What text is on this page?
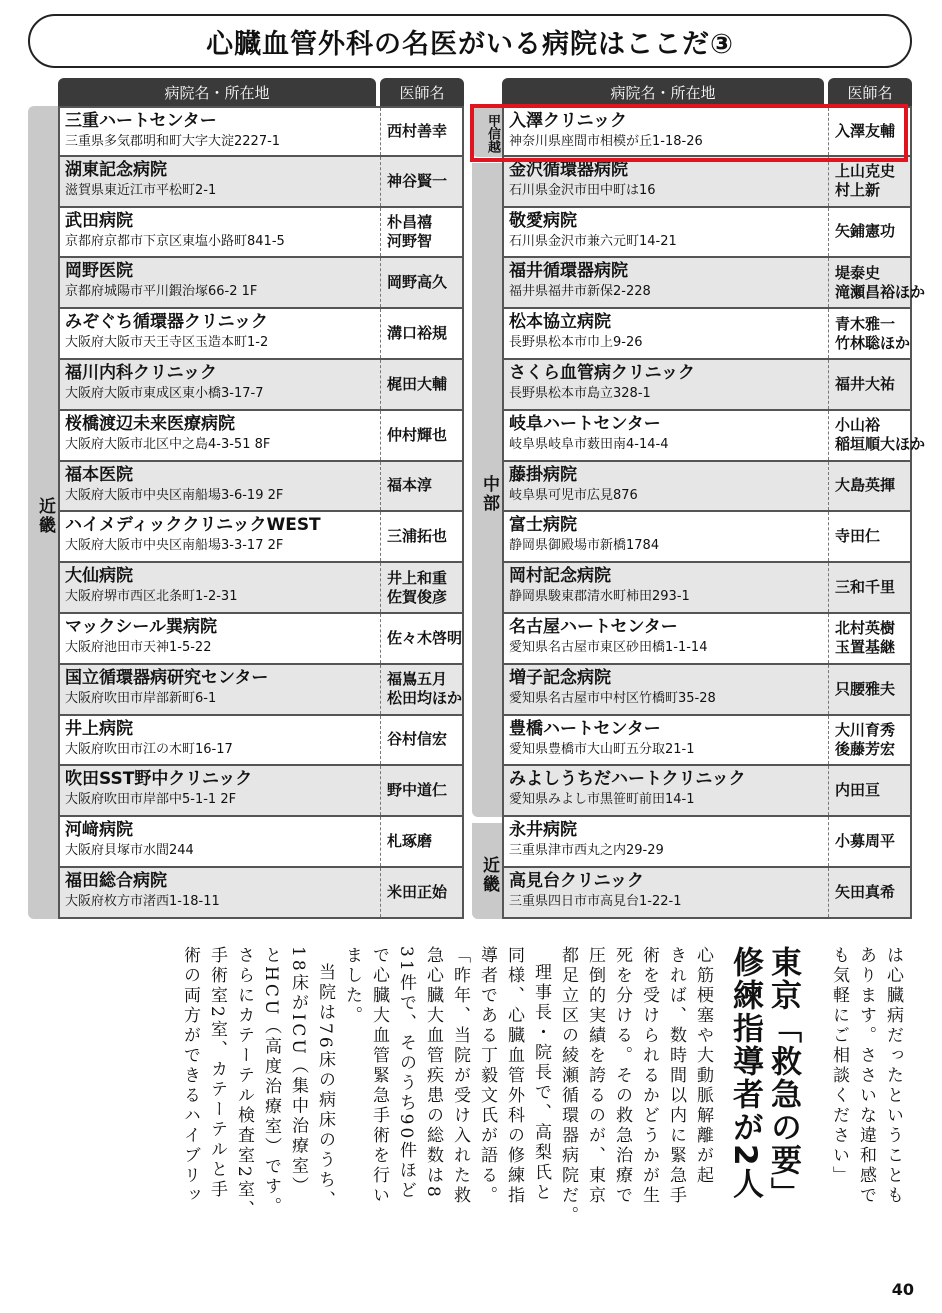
心臓血管外科の名医がいる病院はここだ③
病院名・所在地	医師名
近畿
三重ハートセンター
三重県多気郡明和町大字大淀2227-1
西村善幸
湖東記念病院
滋賀県東近江市平松町2-1
神谷賢一
武田病院
京都府京都市下京区東塩小路町841-5
朴昌禧
河野智
岡野医院
京都府城陽市平川鍜治塚66-2 1F
岡野高久
みぞぐち循環器クリニック
大阪府大阪市天王寺区玉造本町1-2
溝口裕規
福川内科クリニック
大阪府大阪市東成区東小橋3-17-7
梶田大輔
桜橋渡辺未来医療病院
大阪府大阪市北区中之島4-3-51 8F
仲村輝也
福本医院
大阪府大阪市中央区南船場3-6-19 2F
福本淳
ハイメディッククリニックWEST
大阪府大阪市中央区南船場3-3-17 2F
三浦拓也
大仙病院
大阪府堺市西区北条町1-2-31
井上和重
佐賀俊彦
マックシール巽病院
大阪府池田市天神1-5-22
佐々木啓明
国立循環器病研究センター
大阪府吹田市岸部新町6-1
福嶌五月
松田均ほか
井上病院
大阪府吹田市江の木町16-17
谷村信宏
吹田SST野中クリニック
大阪府吹田市岸部中5-1-1 2F
野中道仁
河﨑病院
大阪府貝塚市水間244
札琢磨
福田総合病院
大阪府枚方市渚西1-18-11
米田正始
病院名・所在地	医師名
甲信越
中部
近畿
入澤クリニック
神奈川県座間市相模が丘1-18-26
入澤友輔
金沢循環器病院
石川県金沢市田中町は16
上山克史
村上新
敬愛病院
石川県金沢市兼六元町14-21
矢鋪憲功
福井循環器病院
福井県福井市新保2-228
堤泰史
滝瀬昌裕ほか
松本協立病院
長野県松本市巾上9-26
青木雅一
竹林聡ほか
さくら血管病クリニック
長野県松本市島立328-1
福井大祐
岐阜ハートセンター
岐阜県岐阜市薮田南4-14-4
小山裕
稲垣順大ほか
藤掛病院
岐阜県可児市広見876
大島英揮
富士病院
静岡県御殿場市新橋1784
寺田仁
岡村記念病院
静岡県駿東郡清水町柿田293-1
三和千里
名古屋ハートセンター
愛知県名古屋市東区砂田橋1-1-14
北村英樹
玉置基継
増子記念病院
愛知県名古屋市中村区竹橋町35-28
只腰雅夫
豊橋ハートセンター
愛知県豊橋市大山町五分取21-1
大川育秀
後藤芳宏
みよしうちだハートクリニック
愛知県みよし市黒笹町前田14-1
内田亘
永井病院
三重県津市西丸之内29-29
小募周平
高見台クリニック
三重県四日市市高見台1-22-1
矢田真希
は心臓病だったということも
あります。ささいな違和感で
も気軽にご相談ください」
東京「救急の要」
修練指導者が2人
心筋梗塞や大動脈解離が起
きれば、数時間以内に緊急手
術を受けられるかどうかが生
死を分ける。その救急治療で
圧倒的実績を誇るのが、東京
都足立区の綾瀬循環器病院だ。
理事長・院長で、高梨氏と
同様、心臓血管外科の修練指
導者である丁毅文氏が語る。
「昨年、当院が受け入れた救
急心臓大血管疾患の総数は8
31件で、そのうち90件ほど
で心臓大血管緊急手術を行い
ました。
当院は76床の病床のうち、
18床がICU（集中治療室）
とHCU（高度治療室）です。
さらにカテーテル検査室2室、
手術室2室、カテーテルと手
術の両方ができるハイブリッ
40
